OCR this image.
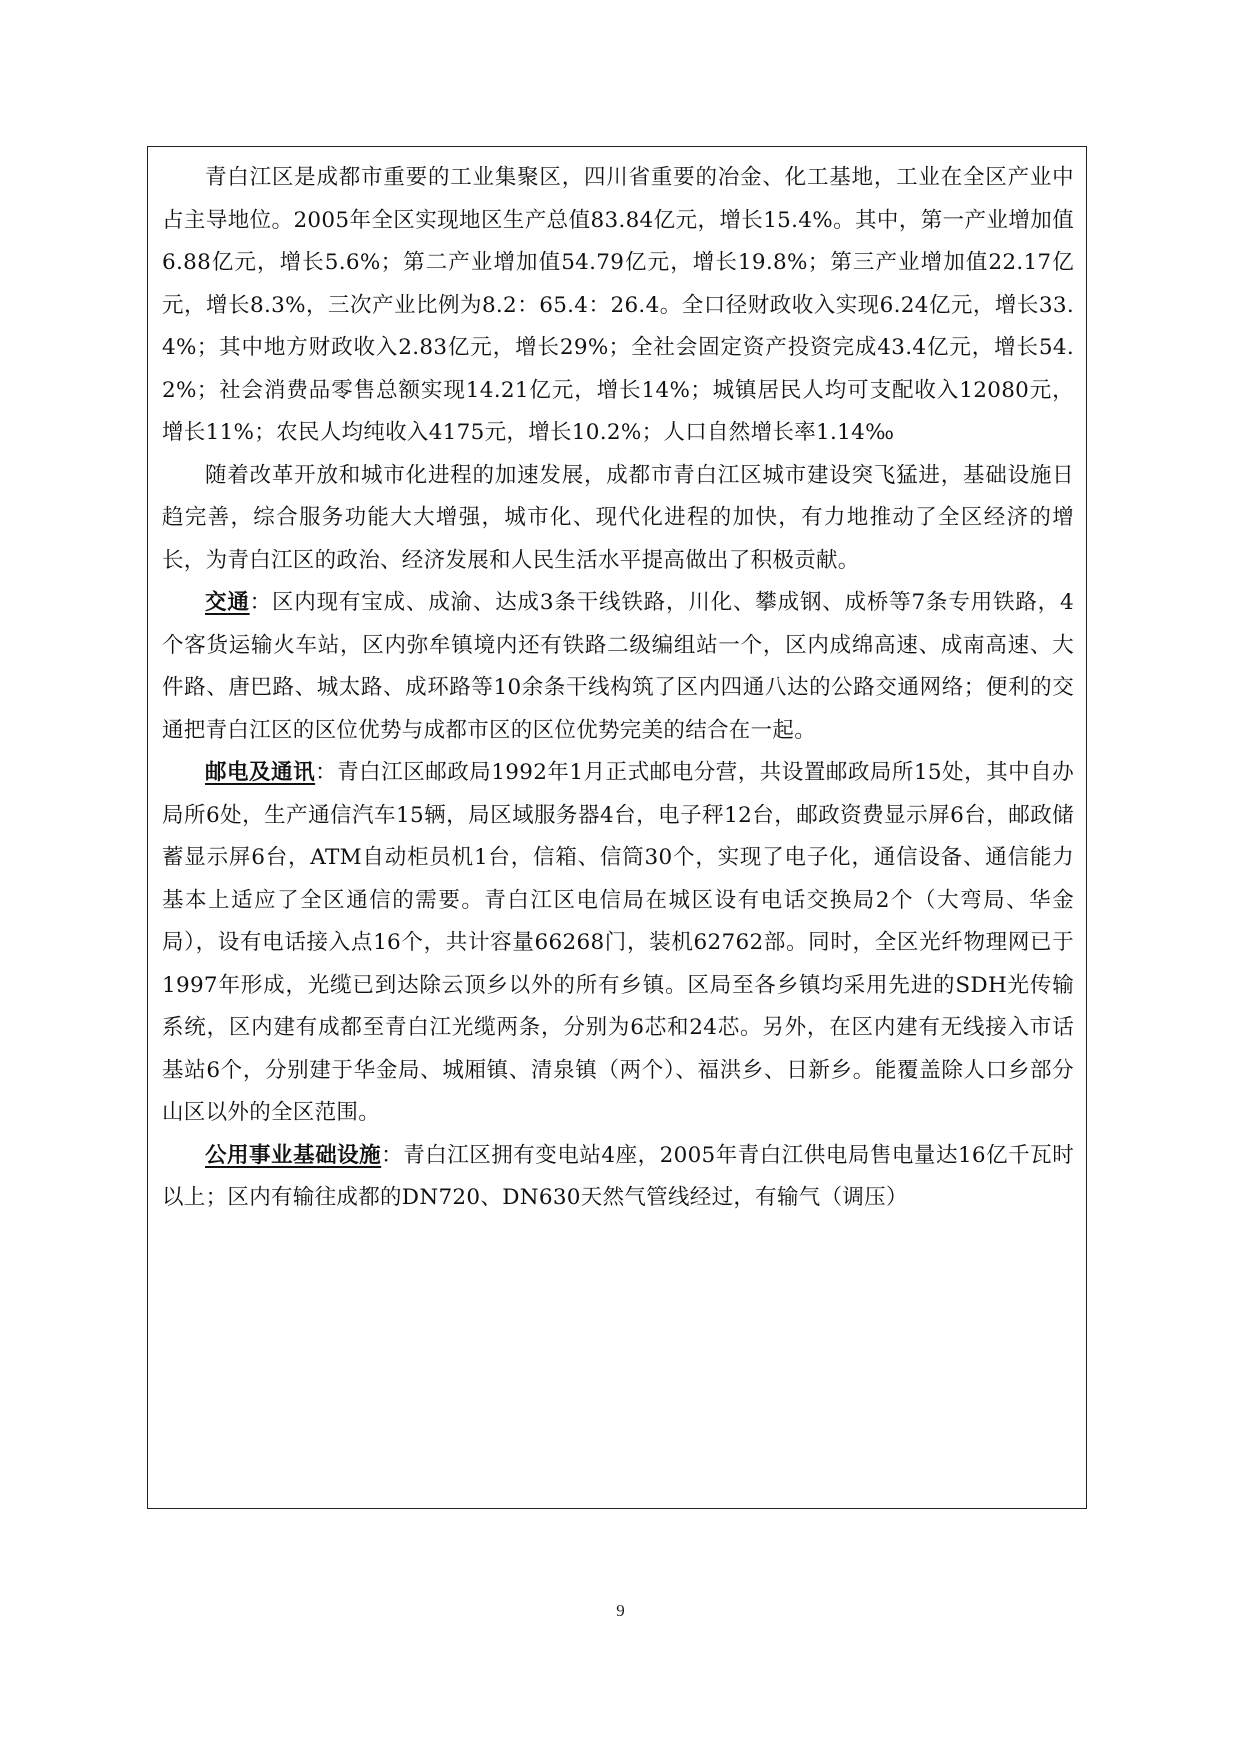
青白江区是成都市重要的工业集聚区，四川省重要的冶金、化工基地，工业在全区产业中占主导地位。2005年全区实现地区生产总值83.84亿元，增长15.4%。其中，第一产业增加值6.88亿元，增长5.6%；第二产业增加值54.79亿元，增长19.8%；第三产业增加值22.17亿元，增长8.3%，三次产业比例为8.2：65.4：26.4。全口径财政收入实现6.24亿元，增长33.4%；其中地方财政收入2.83亿元，增长29%；全社会固定资产投资完成43.4亿元，增长54.2%；社会消费品零售总额实现14.21亿元，增长14%；城镇居民人均可支配收入12080元，增长11%；农民人均纯收入4175元，增长10.2%；人口自然增长率1.14‰

随着改革开放和城市化进程的加速发展，成都市青白江区城市建设突飞猛进，基础设施日趋完善，综合服务功能大大增强，城市化、现代化进程的加快，有力地推动了全区经济的增长，为青白江区的政治、经济发展和人民生活水平提高做出了积极贡献。

交通：区内现有宝成、成渝、达成3条干线铁路，川化、攀成钢、成桥等7条专用铁路，4个客货运输火车站，区内弥牟镇境内还有铁路二级编组站一个，区内成绵高速、成南高速、大件路、唐巴路、城太路、成环路等10余条干线构筑了区内四通八达的公路交通网络；便利的交通把青白江区的区位优势与成都市区的区位优势完美的结合在一起。

邮电及通讯：青白江区邮政局1992年1月正式邮电分营，共设置邮政局所15处，其中自办局所6处，生产通信汽车15辆，局区域服务器4台，电子秤12台，邮政资费显示屏6台，邮政储蓄显示屏6台，ATM自动柜员机1台，信箱、信筒30个，实现了电子化，通信设备、通信能力基本上适应了全区通信的需要。青白江区电信局在城区设有电话交换局2个（大弯局、华金局），设有电话接入点16个，共计容量66268门，装机62762部。同时，全区光纤物理网已于1997年形成，光缆已到达除云顶乡以外的所有乡镇。区局至各乡镇均采用先进的SDH光传输系统，区内建有成都至青白江光缆两条，分别为6芯和24芯。另外，在区内建有无线接入市话基站6个，分别建于华金局、城厢镇、清泉镇（两个）、福洪乡、日新乡。能覆盖除人口乡部分山区以外的全区范围。

公用事业基础设施：青白江区拥有变电站4座，2005年青白江供电局售电量达16亿千瓦时以上；区内有输往成都的DN720、DN630天然气管线经过，有输气（调压）

9
